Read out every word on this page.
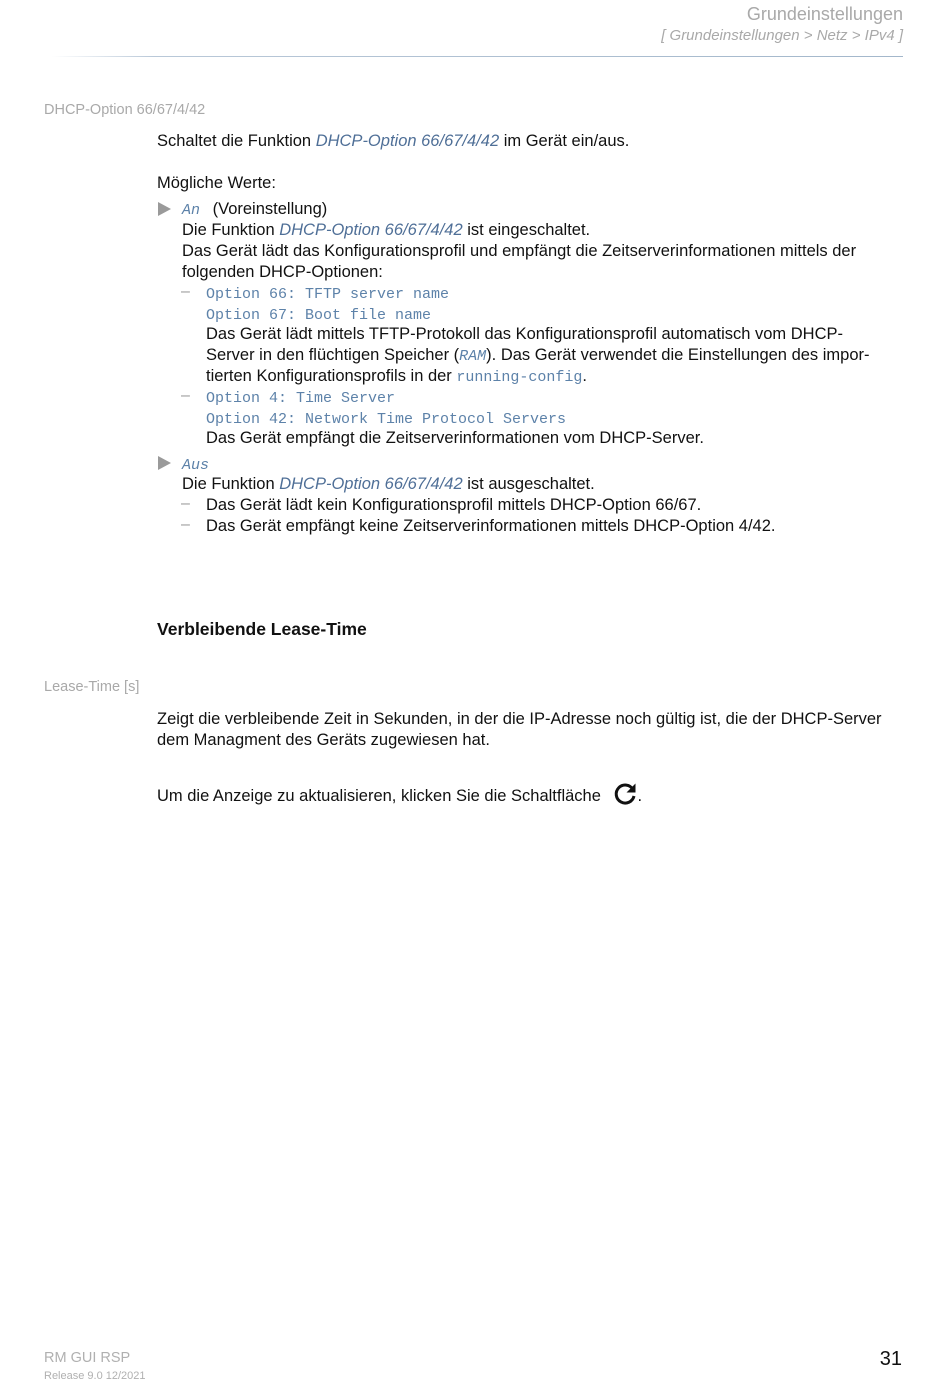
Grundeinstellungen
[ Grundeinstellungen > Netz > IPv4 ]
DHCP-Option 66/67/4/42
Schaltet die Funktion DHCP-Option 66/67/4/42 im Gerät ein/aus.
Mögliche Werte:
An (Voreinstellung)
Die Funktion DHCP-Option 66/67/4/42 ist eingeschaltet.
Das Gerät lädt das Konfigurationsprofil und empfängt die Zeitserverinformationen mittels der
folgenden DHCP-Optionen:
– Option 66: TFTP server name
Option 67: Boot file name
Das Gerät lädt mittels TFTP-Protokoll das Konfigurationsprofil automatisch vom DHCP-
Server in den flüchtigen Speicher (RAM). Das Gerät verwendet die Einstellungen des impor-
tierten Konfigurationsprofils in der running-config.
– Option 4: Time Server
Option 42: Network Time Protocol Servers
Das Gerät empfängt die Zeitserverinformationen vom DHCP-Server.
Aus
Die Funktion DHCP-Option 66/67/4/42 ist ausgeschaltet.
– Das Gerät lädt kein Konfigurationsprofil mittels DHCP-Option 66/67.
– Das Gerät empfängt keine Zeitserverinformationen mittels DHCP-Option 4/42.
Verbleibende Lease-Time
Lease-Time [s]
Zeigt die verbleibende Zeit in Sekunden, in der die IP-Adresse noch gültig ist, die der DHCP-Server
dem Managment des Geräts zugewiesen hat.
Um die Anzeige zu aktualisieren, klicken Sie die Schaltfläche .
RM GUI RSP
Release 9.0 12/2021
31
